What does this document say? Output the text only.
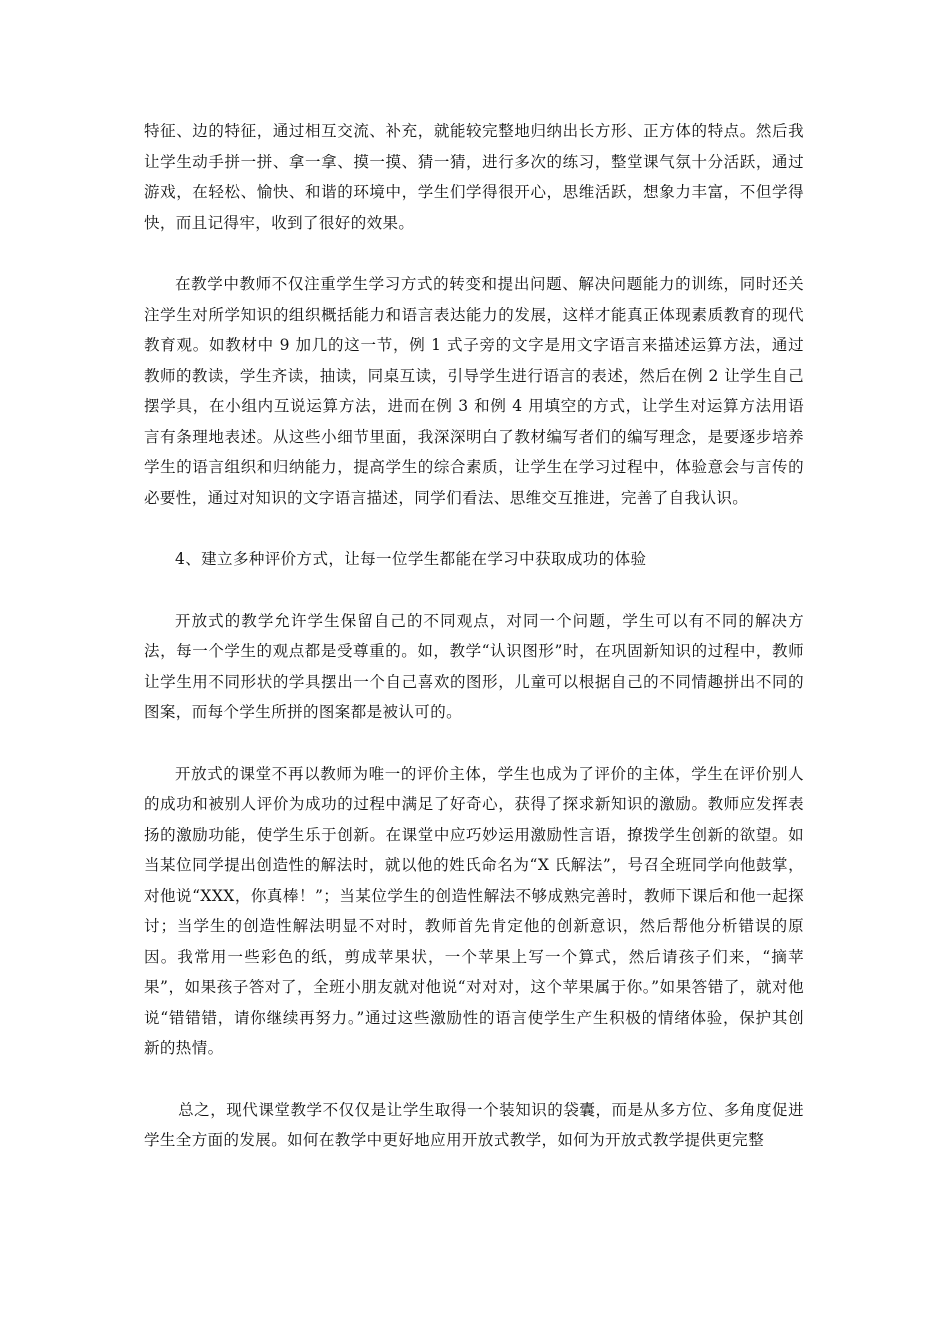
特征、边的特征，通过相互交流、补充，就能较完整地归纳出长方形、正方体的特点。然后我让学生动手拼一拼、拿一拿、摸一摸、猜一猜，进行多次的练习，整堂课气氛十分活跃，通过游戏，在轻松、愉快、和谐的环境中，学生们学得很开心，思维活跃，想象力丰富，不但学得快，而且记得牢，收到了很好的效果。

在教学中教师不仅注重学生学习方式的转变和提出问题、解决问题能力的训练，同时还关注学生对所学知识的组织概括能力和语言表达能力的发展，这样才能真正体现素质教育的现代教育观。如教材中 9 加几的这一节，例 1 式子旁的文字是用文字语言来描述运算方法，通过教师的教读，学生齐读，抽读，同桌互读，引导学生进行语言的表述，然后在例 2 让学生自己摆学具，在小组内互说运算方法，进而在例 3 和例 4 用填空的方式，让学生对运算方法用语言有条理地表述。从这些小细节里面，我深深明白了教材编写者们的编写理念，是要逐步培养学生的语言组织和归纳能力，提高学生的综合素质，让学生在学习过程中，体验意会与言传的必要性，通过对知识的文字语言描述，同学们看法、思维交互推进，完善了自我认识。

4、建立多种评价方式，让每一位学生都能在学习中获取成功的体验

开放式的教学允许学生保留自己的不同观点，对同一个问题，学生可以有不同的解决方法，每一个学生的观点都是受尊重的。如，教学“认识图形”时，在巩固新知识的过程中，教师让学生用不同形状的学具摆出一个自己喜欢的图形，儿童可以根据自己的不同情趣拼出不同的图案，而每个学生所拼的图案都是被认可的。

开放式的课堂不再以教师为唯一的评价主体，学生也成为了评价的主体，学生在评价别人的成功和被别人评价为成功的过程中满足了好奇心，获得了探求新知识的激励。教师应发挥表扬的激励功能，使学生乐于创新。在课堂中应巧妙运用激励性言语，撩拨学生创新的欲望。如当某位同学提出创造性的解法时，就以他的姓氏命名为“X 氏解法”，号召全班同学向他鼓掌，对他说“XXX，你真棒！”；当某位学生的创造性解法不够成熟完善时，教师下课后和他一起探讨；当学生的创造性解法明显不对时，教师首先肯定他的创新意识，然后帮他分析错误的原因。我常用一些彩色的纸，剪成苹果状，一个苹果上写一个算式，然后请孩子们来，“摘苹果”，如果孩子答对了，全班小朋友就对他说“对对对，这个苹果属于你。”如果答错了，就对他说“错错错，请你继续再努力。”通过这些激励性的语言使学生产生积极的情绪体验，保护其创新的热情。

总之，现代课堂教学不仅仅是让学生取得一个装知识的袋囊，而是从多方位、多角度促进学生全方面的发展。如何在教学中更好地应用开放式教学，如何为开放式教学提供更完整
